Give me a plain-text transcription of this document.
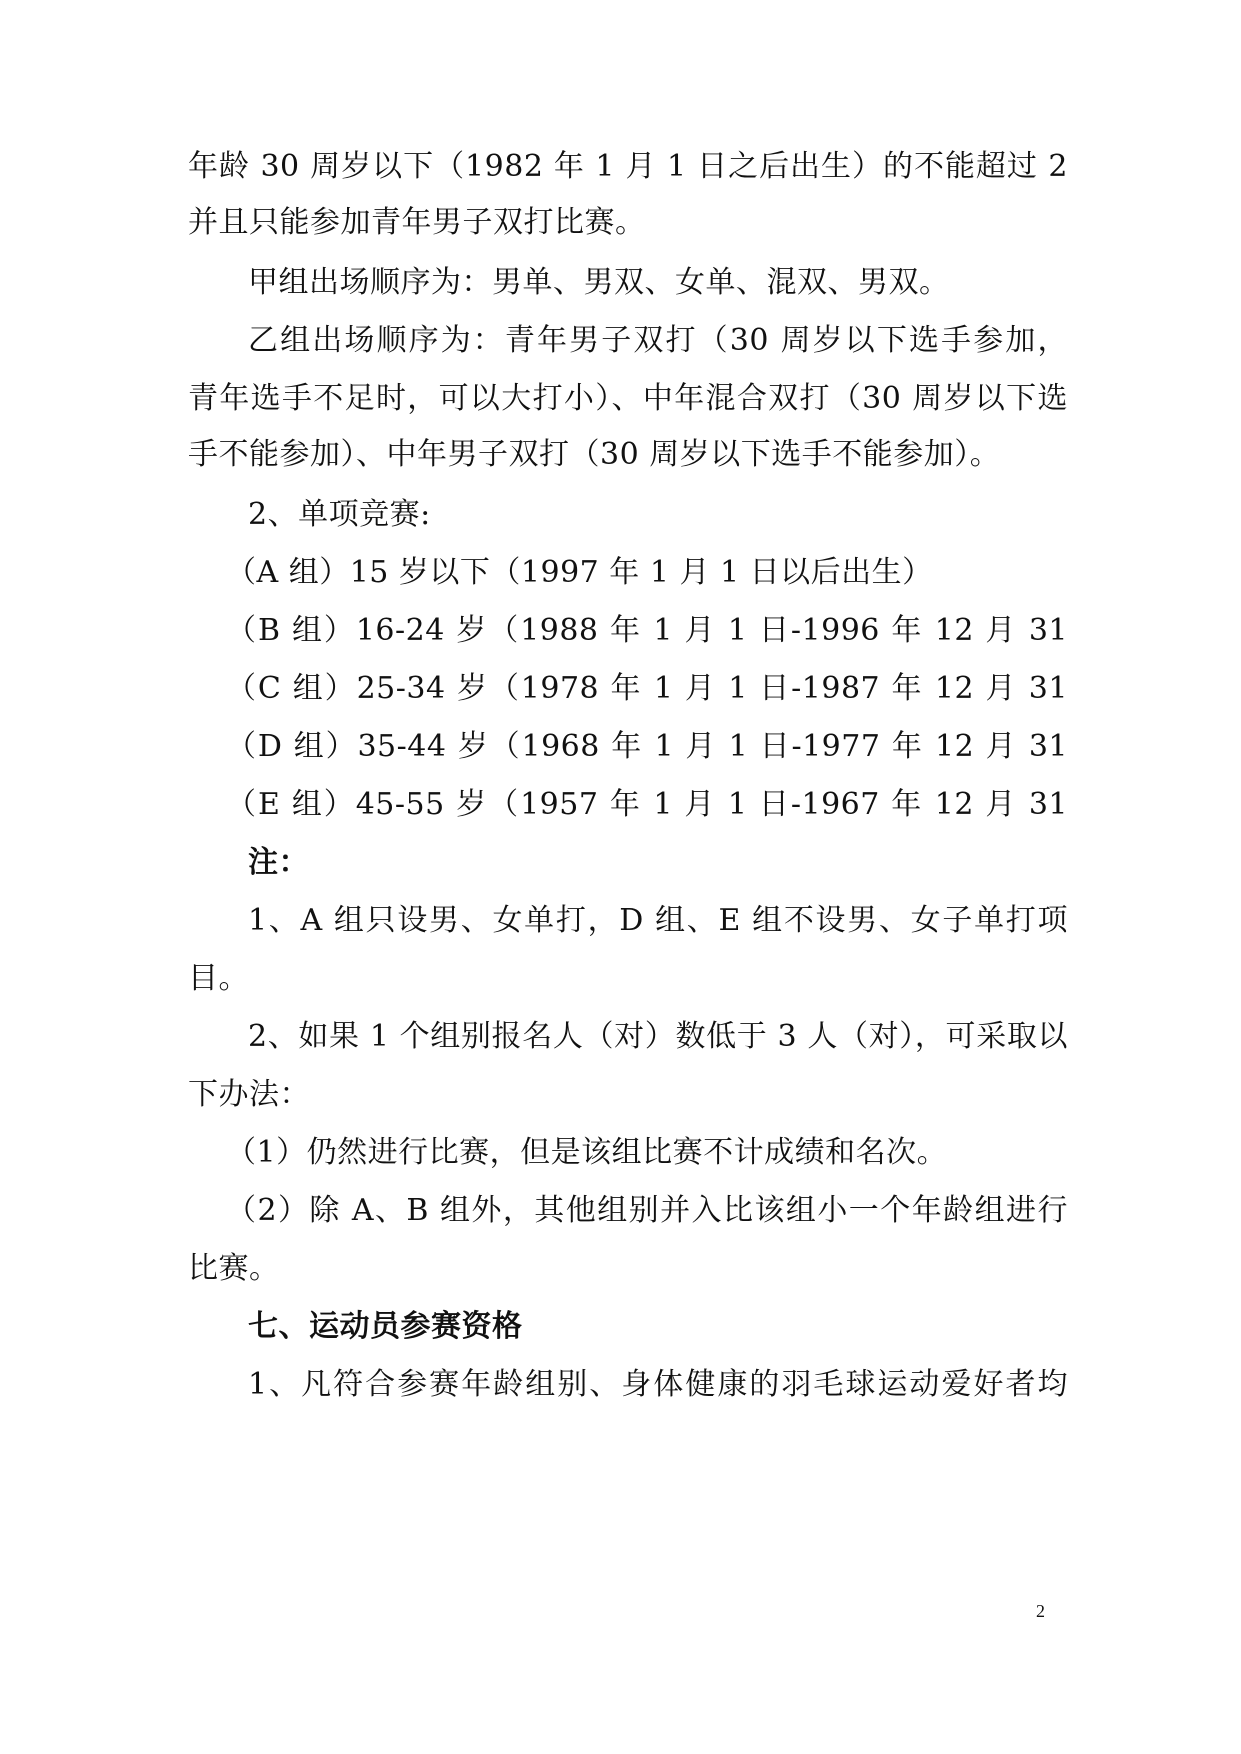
年龄 30 周岁以下（1982 年 1 月 1 日之后出生）的不能超过 2
并且只能参加青年男子双打比赛。
甲组出场顺序为：男单、男双、女单、混双、男双。
乙组出场顺序为：青年男子双打（30 周岁以下选手参加，
青年选手不足时，可以大打小）、中年混合双打（30 周岁以下选
手不能参加）、中年男子双打（30 周岁以下选手不能参加）。
2、单项竞赛:
（A 组）15 岁以下（1997 年 1 月 1 日以后出生）
（B 组）16-24 岁（1988 年 1 月 1 日-1996 年 12 月 31
（C 组）25-34 岁（1978 年 1 月 1 日-1987 年 12 月 31
（D 组）35-44 岁（1968 年 1 月 1 日-1977 年 12 月 31
（E 组）45-55 岁（1957 年 1 月 1 日-1967 年 12 月 31
注：
1、A 组只设男、女单打，D 组、E 组不设男、女子单打项
目。
2、如果 1 个组别报名人（对）数低于 3 人（对），可采取以
下办法：
（1）仍然进行比赛，但是该组比赛不计成绩和名次。
（2）除 A、B 组外，其他组别并入比该组小一个年龄组进行
比赛。
七、运动员参赛资格
1、凡符合参赛年龄组别、身体健康的羽毛球运动爱好者均
2
